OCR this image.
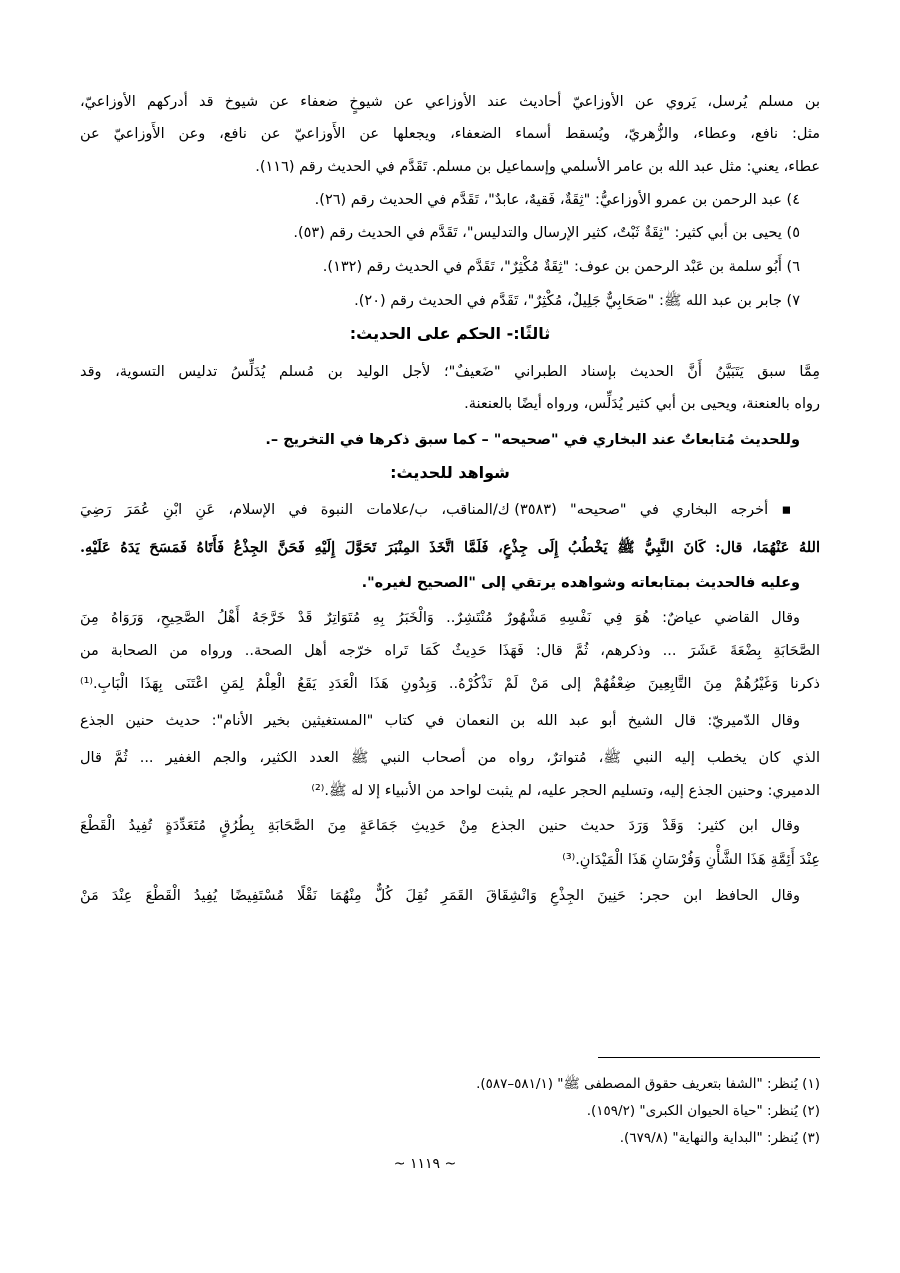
بن مسلم يُرسل، يَروي عن الأوزاعيّ أحاديث عند الأوزاعي عن شيوخٍ ضعفاء عن شيوخ قد أدركهم الأوزاعيّ،
مثل: نافع، وعطاء، والزُّهريّ، ويُسقط أسماء الضعفاء، ويجعلها عن الأَوزاعيّ عن نافع، وعن الأَوزاعيّ عن
عطاء، يعني: مثل عبد الله بن عامر الأسلمي وإسماعيل بن مسلم. تَقَدَّم في الحديث رقم (١١٦).
٤) عبد الرحمن بن عمرو الأوزاعيُّ: "ثِقَةٌ، فَقيهٌ، عابدٌ"، تَقَدَّم في الحديث رقم (٢٦).
٥) يحيى بن أبي كثير: "ثِقَةٌ ثَبْتٌ، كثير الإرسال والتدليس"، تَقَدَّم في الحديث رقم (٥٣).
٦) أَبُو سلمة بن عَبْد الرحمن بن عوف: "ثِقَةٌ مُكْثِرٌ"، تَقَدَّم في الحديث رقم (١٣٢).
٧) جابر بن عبد الله ﷺ: "صَحَابِيٌّ جَلِيلٌ، مُكْثِرٌ"، تَقَدَّم في الحديث رقم (٢٠).
ثالثًا:- الحكم على الحديث:
مِمَّا سبق يَتَبَيَّنُ أَنَّ الحديث بإسناد الطبراني "ضَعيفٌ"؛ لأجل الوليد بن مُسلم يُدَلِّسُ تدليس التسوية، وقد
رواه بالعنعنة، ويحيى بن أبي كثير يُدَلِّس، ورواه أيضًا بالعنعنة.
وللحديث مُتابعاتٌ عند البخاري في "صحيحه" – كما سبق ذكرها في التخريج –.
شواهد للحديث:
▪ أخرجه البخاري في "صحيحه" (٣٥٨٣) ك/المناقب، ب/علامات النبوة في الإسلام، عَنِ ابْنِ عُمَرَ رَضِيَ
اللهُ عَنْهُمَا، قال: كَانَ النَّبِيُّ ﷺ يَخْطُبُ إِلَى جِذْعٍ، فَلَمَّا اتَّخَذَ المِنْبَرَ تَحَوَّلَ إِلَيْهِ فَحَنَّ الجِذْعُ فَأَتَاهُ فَمَسَحَ يَدَهُ عَلَيْهِ.
وعليه فالحديث بمتابعاته وشواهده يرتقي إلى "الصحيح لغيره".
وقال القاضي عياضٌ: هُوَ فِي نَفْسِهِ مَشْهُورٌ مُنْتَشِرٌ.. وَالْخَبَرُ بِهِ مُتَوَاتِرٌ قَدْ خَرَّجَهُ أَهْلُ الصَّحِيحِ، وَرَوَاهُ مِنَ
الصَّحَابَةِ بِضْعَةَ عَشَرَ ... وذكرهم، ثُمَّ قال: فَهَذَا حَدِيثٌ كَمَا تَراه خرّجه أهل الصحة.. ورواه من الصحابة من
ذكرنا وَغَيْرُهُمْ مِنَ التَّابِعِينَ ضِعْفُهُمْ إلى مَنْ لَمْ نَذْكُرْهُ.. وَبِدُونِ هَذَا الْعَدَدِ يَقَعُ الْعِلْمُ لِمَنِ اعْتَنَى بِهَذَا الْبَابِ.⁽¹⁾
وقال الدّميريّ: قال الشيخ أبو عبد الله بن النعمان في كتاب "المستغيثين بخير الأنام": حديث حنين الجذع
الذي كان يخطب إليه النبي ﷺ، مُتواترٌ، رواه من أصحاب النبي ﷺ العدد الكثير، والجم الغفير ... ثُمَّ قال
الدميري: وحنين الجذع إليه، وتسليم الحجر عليه، لم يثبت لواحد من الأنبياء إلا له ﷺ.⁽²⁾
وقال ابن كثير: وَقَدْ وَرَدَ حديث حنين الجذع مِنْ حَدِيثِ جَمَاعَةٍ مِنَ الصَّحَابَةِ بِطُرُقٍ مُتَعَدِّدَةٍ تُفِيدُ الْقَطْعَ
عِنْدَ أَئِمَّةِ هَذَا الشَّأْنِ وَفُرْسَانِ هَذَا الْمَيْدَانِ.⁽³⁾
وقال الحافظ ابن حجر: حَنِينَ الجِذْعِ وَانْشِقَاقَ القَمَرِ نُقِلَ كُلٌّ مِنْهُمَا نَقْلًا مُسْتَفِيضًا يُفِيدُ الْقَطْعَ عِنْدَ مَنْ
(١) يُنظر: "الشفا بتعريف حقوق المصطفى ﷺ" (٥٨١/١–٥٨٧).
(٢) يُنظر: "حياة الحيوان الكبرى" (١٥٩/٢).
(٣) يُنظر: "البداية والنهاية" (٦٧٩/٨).
~ ١١١٩ ~
